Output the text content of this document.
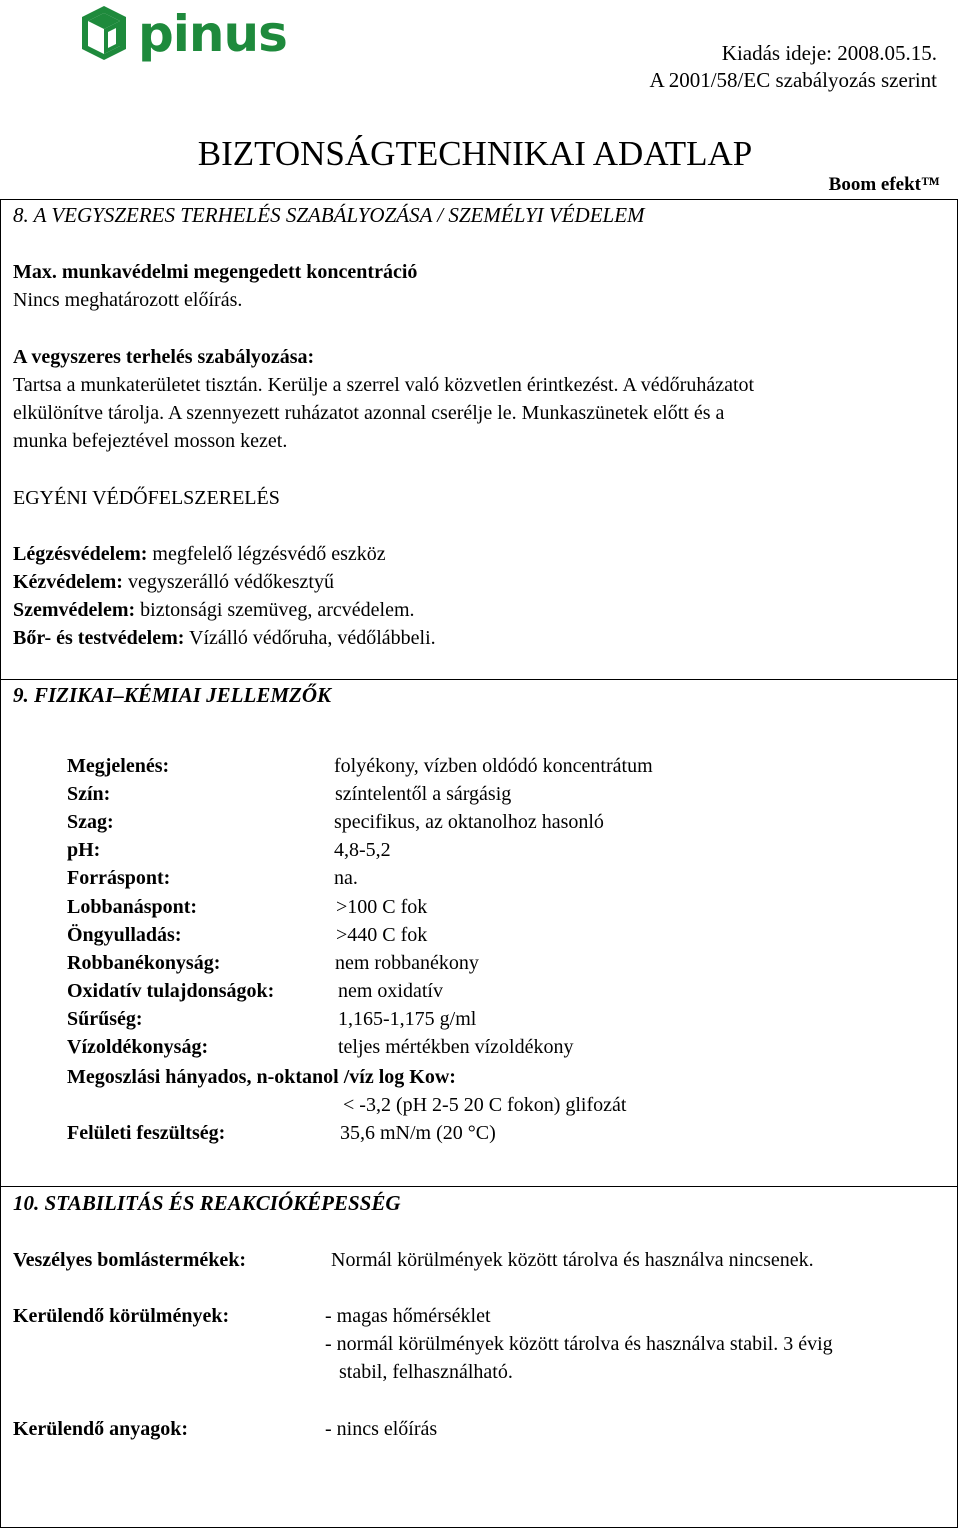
pinus	Kiadás ideje: 2008.05.15.
A 2001/58/EC szabályozás szerint
BIZTONSÁGTECHNIKAI ADATLAP
Boom efekt™
8. A VEGYSZERES TERHELÉS SZABÁLYOZÁSA / SZEMÉLYI VÉDELEM
Max. munkavédelmi megengedett koncentráció
Nincs meghatározott előírás.
A vegyszeres terhelés szabályozása:
Tartsa a munkaterületet tisztán. Kerülje a szerrel való közvetlen érintkezést. A védőruházatot
elkülönítve tárolja. A szennyezett ruházatot azonnal cserélje le. Munkaszünetek előtt és a
munka befejeztével mosson kezet.
EGYÉNI VÉDŐFELSZERELÉS
Légzésvédelem: megfelelő légzésvédő eszköz
Kézvédelem: vegyszerálló védőkesztyű
Szemvédelem: biztonsági szemüveg, arcvédelem.
Bőr- és testvédelem: Vízálló védőruha, védőlábbeli.
9. FIZIKAI–KÉMIAI JELLEMZŐK
Megjelenés:	folyékony, vízben oldódó koncentrátum
Szín:	színtelentől a sárgásig
Szag:	specifikus, az oktanolhoz hasonló
pH:	4,8-5,2
Forráspont:	na.
Lobbanáspont:	>100 C fok
Öngyulladás:	>440 C fok
Robbanékonyság:	nem robbanékony
Oxidatív tulajdonságok:	nem oxidatív
Sűrűség:	1,165-1,175 g/ml
Vízoldékonyság:	teljes mértékben vízoldékony
Megoszlási hányados, n-oktanol /víz log Kow:
< -3,2 (pH 2-5 20 C fokon) glifozát
Felületi feszültség:	35,6 mN/m (20 °C)
10. STABILITÁS ÉS REAKCIÓKÉPESSÉG
Veszélyes bomlástermékek:	Normál körülmények között tárolva és használva nincsenek.
Kerülendő körülmények:	- magas hőmérséklet
- normál körülmények között tárolva és használva stabil. 3 évig
stabil, felhasználható.
Kerülendő anyagok:	- nincs előírás
